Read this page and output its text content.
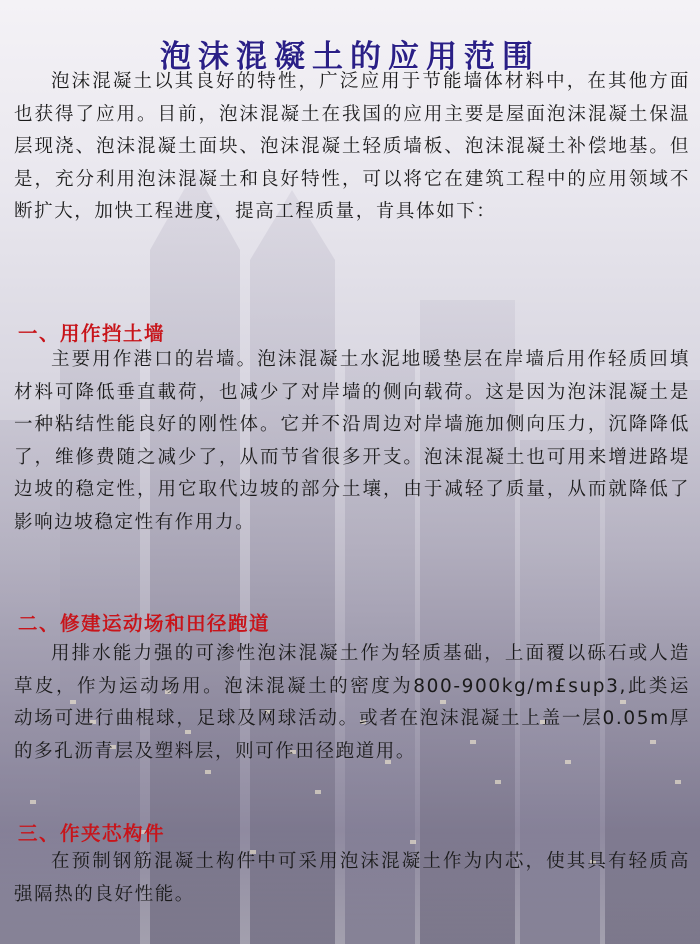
泡沫混凝土的应用范围

泡沫混凝土以其良好的特性，广泛应用于节能墙体材料中，在其他方面也获得了应用。目前，泡沫混凝土在我国的应用主要是屋面泡沫混凝土保温层现浇、泡沫混凝土面块、泡沫混凝土轻质墙板、泡沫混凝土补偿地基。但是，充分利用泡沫混凝土和良好特性，可以将它在建筑工程中的应用领域不断扩大，加快工程进度，提高工程质量，肯具体如下：

一、用作挡土墙

主要用作港口的岩墙。泡沫混凝土水泥地暖垫层在岸墙后用作轻质回填材料可降低垂直載荷，也减少了对岸墙的侧向载荷。这是因为泡沫混凝土是一种粘结性能良好的刚性体。它并不沿周边对岸墙施加侧向压力，沉降降低了，维修费随之减少了，从而节省很多开支。泡沫混凝土也可用来增进路堤边坡的稳定性，用它取代边坡的部分土壤，由于减轻了质量，从而就降低了影响边坡稳定性有作用力。

二、修建运动场和田径跑道

用排水能力强的可渗性泡沫混凝土作为轻质基础，上面覆以砾石或人造草皮，作为运动场用。泡沫混凝土的密度为800-900kg/m£sup3,此类运动场可进行曲棍球，足球及网球活动。或者在泡沫混凝土上盖一层0.05m厚的多孔沥青层及塑料层，则可作田径跑道用。

三、作夹芯构件

在预制钢筋混凝土构件中可采用泡沫混凝土作为内芯，使其具有轻质高强隔热的良好性能。
